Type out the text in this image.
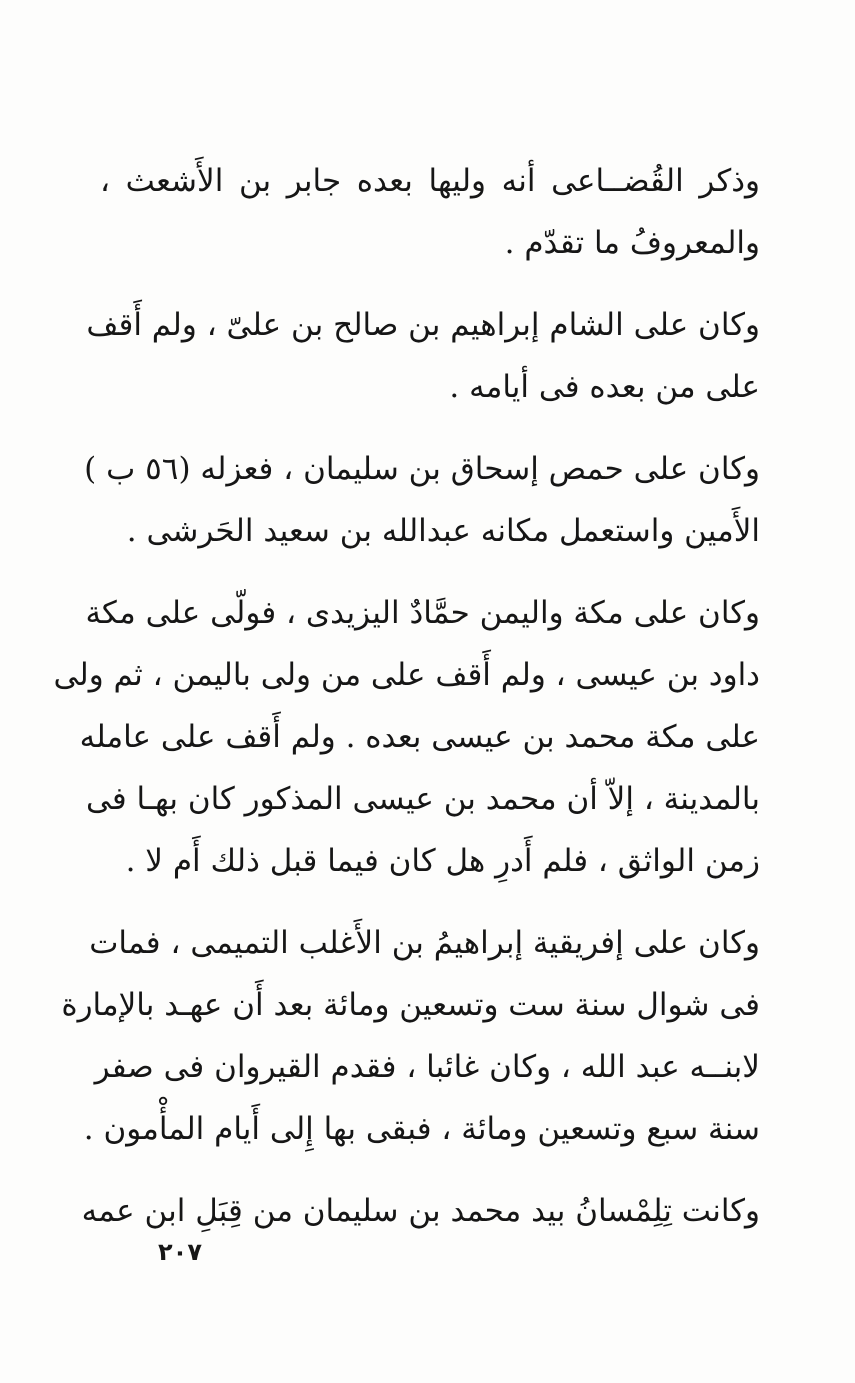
وذكر القُضــاعى أنه وليها بعده جابر بن الأَشعث ،
والمعروفُ ما تقدّم .
وكان على الشام إبراهيم بن صالح بن علىّ ، ولم أَقف
على من بعده فى أيامه .
وكان على حمص إسحاق بن سليمان ، فعزله (٥٦ ب )
الأَمين واستعمل مكانه عبدالله بن سعيد الحَرشى .
وكان على مكة واليمن حمَّادٌ اليزيدى ، فولّى على مكة
داود بن عيسى ، ولم أَقف على من ولى باليمن ، ثم ولى
على مكة محمد بن عيسى بعده . ولم أَقف على عامله
بالمدينة ، إلاّ أن محمد بن عيسى المذكور كان بهـا فى
زمن الواثق ، فلم أَدرِ هل كان فيما قبل ذلك أَم لا .
وكان على إفريقية إبراهيمُ بن الأَغلب التميمى ، فمات
فى شوال سنة ست وتسعين ومائة بعد أَن عهـد بالإمارة
لابنــه عبد الله ، وكان غائبا ، فقدم القيروان فى صفر
سنة سبع وتسعين ومائة ، فبقى بها إِلى أَيام المأْمون .
وكانت تِلِمْسانُ بيد محمد بن سليمان من قِبَلِ ابن عمه
٢٠٧
